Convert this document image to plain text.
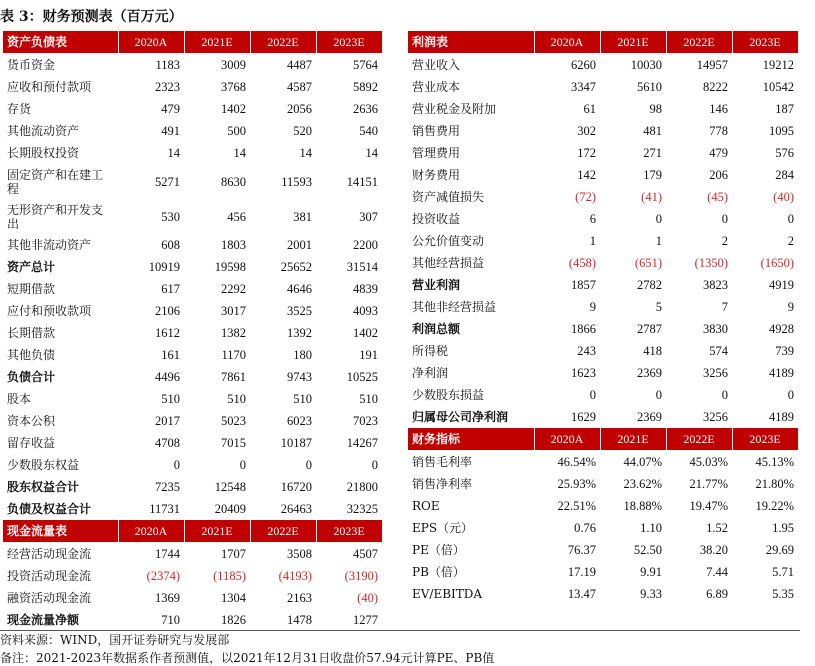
表 3：财务预测表（百万元）
资产负债表	2020A	2021E	2022E	2023E
货币资金	1183	3009	4487	5764
应收和预付款项	2323	3768	4587	5892
存货	479	1402	2056	2636
其他流动资产	491	500	520	540
长期股权投资	14	14	14	14
固定资产和在建工程	5271	8630	11593	14151
无形资产和开发支出	530	456	381	307
其他非流动资产	608	1803	2001	2200
资产总计	10919	19598	25652	31514
短期借款	617	2292	4646	4839
应付和预收款项	2106	3017	3525	4093
长期借款	1612	1382	1392	1402
其他负债	161	1170	180	191
负债合计	4496	7861	9743	10525
股本	510	510	510	510
资本公积	2017	5023	6023	7023
留存收益	4708	7015	10187	14267
少数股东权益	0	0	0	0
股东权益合计	7235	12548	16720	21800
负债及权益合计	11731	20409	26463	32325
现金流量表	2020A	2021E	2022E	2023E
经营活动现金流	1744	1707	3508	4507
投资活动现金流	(2374)	(1185)	(4193)	(3190)
融资活动现金流	1369	1304	2163	(40)
现金流量净额	710	1826	1478	1277
利润表	2020A	2021E	2022E	2023E
营业收入	6260	10030	14957	19212
营业成本	3347	5610	8222	10542
营业税金及附加	61	98	146	187
销售费用	302	481	778	1095
管理费用	172	271	479	576
财务费用	142	179	206	284
资产减值损失	(72)	(41)	(45)	(40)
投资收益	6	0	0	0
公允价值变动	1	1	2	2
其他经营损益	(458)	(651)	(1350)	(1650)
营业利润	1857	2782	3823	4919
其他非经营损益	9	5	7	9
利润总额	1866	2787	3830	4928
所得税	243	418	574	739
净利润	1623	2369	3256	4189
少数股东损益	0	0	0	0
归属母公司净利润	1629	2369	3256	4189
财务指标	2020A	2021E	2022E	2023E
销售毛利率	46.54%	44.07%	45.03%	45.13%
销售净利率	25.93%	23.62%	21.77%	21.80%
ROE	22.51%	18.88%	19.47%	19.22%
EPS（元）	0.76	1.10	1.52	1.95
PE（倍）	76.37	52.50	38.20	29.69
PB（倍）	17.19	9.91	7.44	5.71
EV/EBITDA	13.47	9.33	6.89	5.35
资料来源：WIND，国开证券研究与发展部
备注：2021-2023年数据系作者预测值，以2021年12月31日收盘价57.94元计算PE、PB值
